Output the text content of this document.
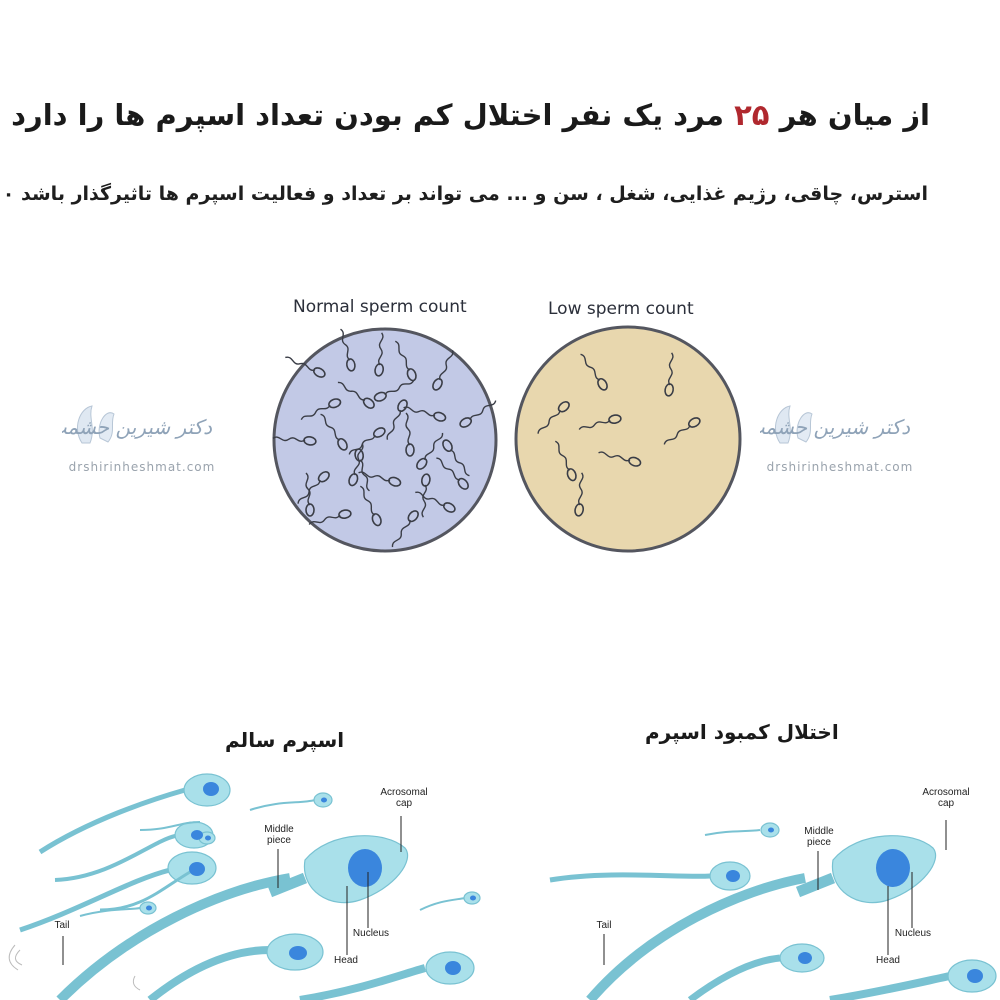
از میان هر ۲۵ مرد یک نفر اختلال کم بودن تعداد اسپرم ها را دارد
استرس، چاقی، رژیم غذایی، شغل ، سن و ... می تواند بر تعداد و فعالیت اسپرم ها تاثیرگذار باشد ۰
Normal sperm count	Low sperm count
دکتر شیرین حشمت
drshirinheshmat.com
دکتر شیرین حشمت
drshirinheshmat.com
اسپرم سالم	اختلال کمبود اسپرم
Acrosomal
cap
Middle
piece
Nucleus
Head
Tail
Acrosomal
cap
Middle
piece
Nucleus
Head
Tail
